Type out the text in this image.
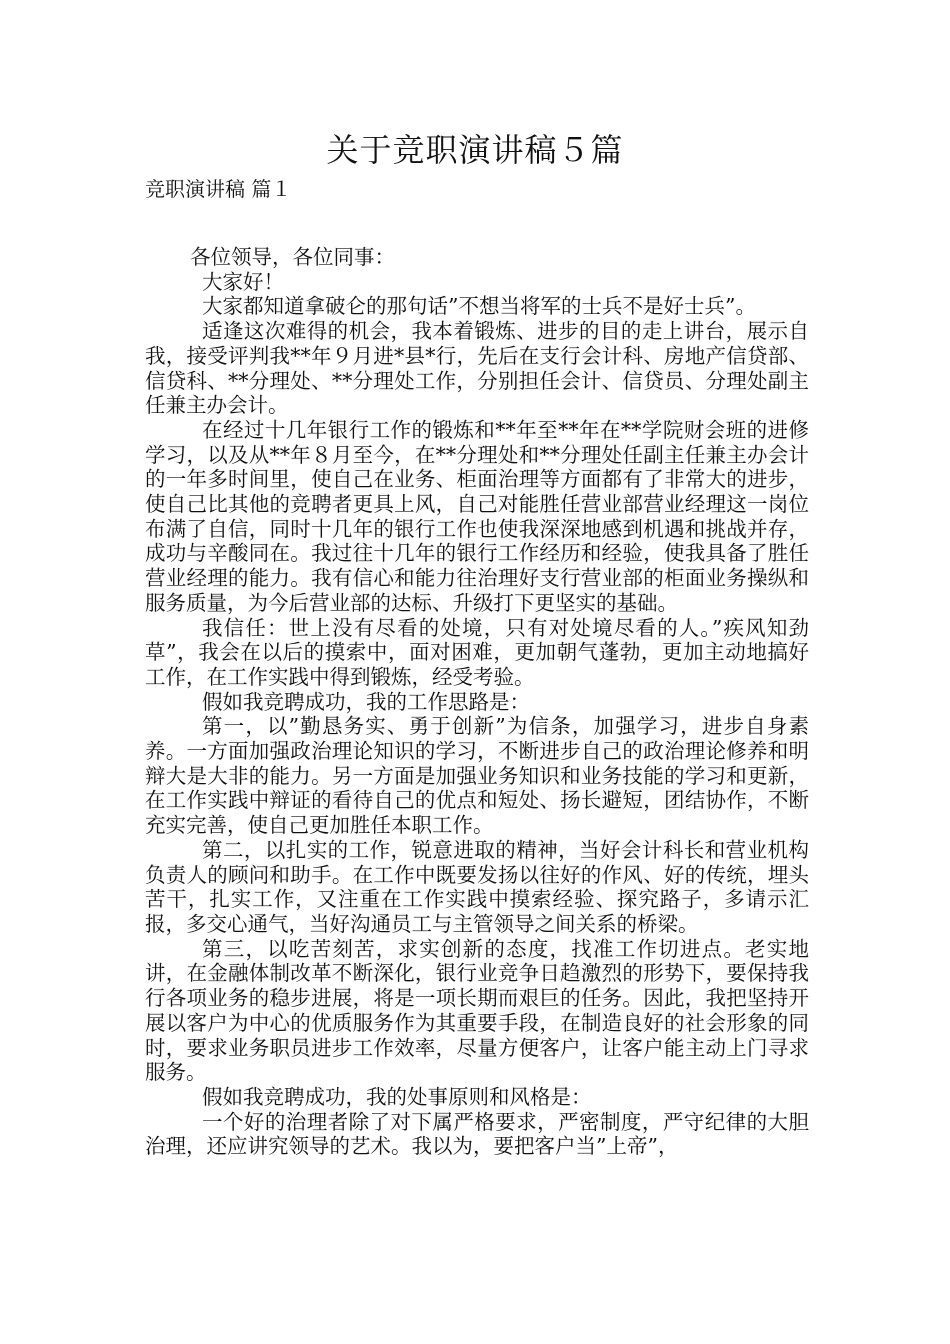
关于竞职演讲稿５篇
竞职演讲稿 篇１

各位领导，各位同事：

大家好！

大家都知道拿破仑的那句话”不想当将军的士兵不是好士兵”。

适逢这次难得的机会，我本着锻炼、进步的目的走上讲台，展示自我，接受评判我**年９月进*县*行，先后在支行会计科、房地产信贷部、信贷科、**分理处、**分理处工作，分别担任会计、信贷员、分理处副主任兼主办会计。

在经过十几年银行工作的锻炼和**年至**年在**学院财会班的进修学习，以及从**年８月至今，在**分理处和**分理处任副主任兼主办会计的一年多时间里，使自己在业务、柜面治理等方面都有了非常大的进步，使自己比其他的竞聘者更具上风，自己对能胜任营业部营业经理这一岗位布满了自信，同时十几年的银行工作也使我深深地感到机遇和挑战并存，成功与辛酸同在。我过往十几年的银行工作经历和经验，使我具备了胜任营业经理的能力。我有信心和能力往治理好支行营业部的柜面业务操纵和服务质量，为今后营业部的达标、升级打下更坚实的基础。

我信任：世上没有尽看的处境，只有对处境尽看的人。”疾风知劲草”，我会在以后的摸索中，面对困难，更加朝气蓬勃，更加主动地搞好工作，在工作实践中得到锻炼，经受考验。

假如我竞聘成功，我的工作思路是：

第一，以”勤恳务实、勇于创新”为信条，加强学习，进步自身素养。一方面加强政治理论知识的学习，不断进步自己的政治理论修养和明辩大是大非的能力。另一方面是加强业务知识和业务技能的学习和更新，在工作实践中辩证的看待自己的优点和短处、扬长避短，团结协作，不断充实完善，使自己更加胜任本职工作。

第二，以扎实的工作，锐意进取的精神，当好会计科长和营业机构负责人的顾问和助手。在工作中既要发扬以往好的作风、好的传统，埋头苦干，扎实工作，又注重在工作实践中摸索经验、探究路子，多请示汇报，多交心通气，当好沟通员工与主管领导之间关系的桥梁。

第三，以吃苦刻苦，求实创新的态度，找准工作切进点。老实地讲，在金融体制改革不断深化，银行业竞争日趋激烈的形势下，要保持我行各项业务的稳步进展，将是一项长期而艰巨的任务。因此，我把坚持开展以客户为中心的优质服务作为其重要手段，在制造良好的社会形象的同时，要求业务职员进步工作效率，尽量方便客户，让客户能主动上门寻求服务。

假如我竞聘成功，我的处事原则和风格是：

一个好的治理者除了对下属严格要求，严密制度，严守纪律的大胆治理，还应讲究领导的艺术。我以为，要把客户当”上帝”，
